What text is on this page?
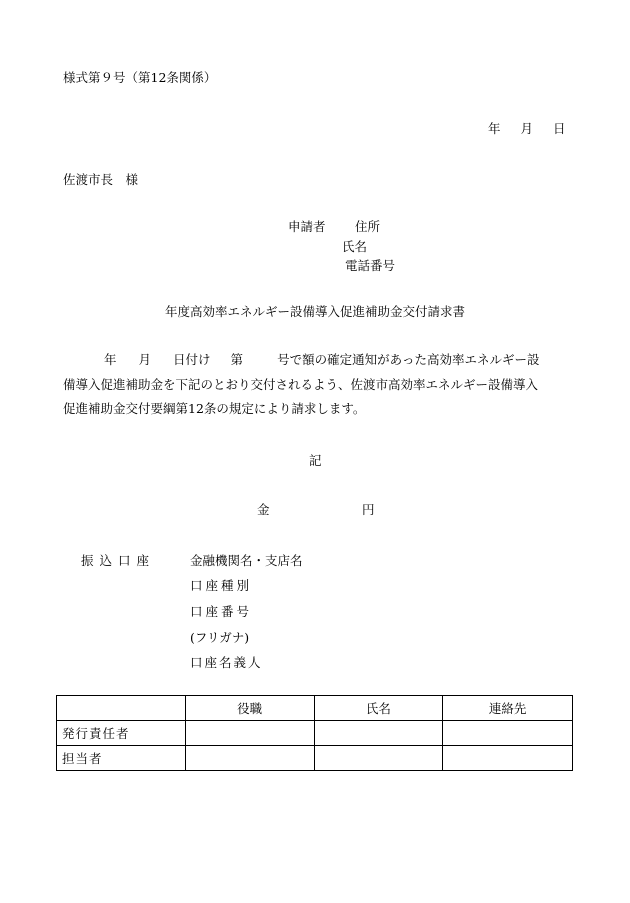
様式第９号（第12条関係）
年 月 日
佐渡市長　様
申請者 住所
氏名
電話番号
年度高効率エネルギー設備導入促進補助金交付請求書
年 月 日付け 第	号で額の確定通知があった高効率エネルギー設
備導入促進補助金を下記のとおり交付されるよう、佐渡市高効率エネルギー設備導入
促進補助金交付要綱第12条の規定により請求します。
記
金	円
振込口座	金融機関名・支店名
口座種別
口座番号
(フリガナ)
口座名義人
	役職	氏名	連絡先
発行責任者			
担当者			
